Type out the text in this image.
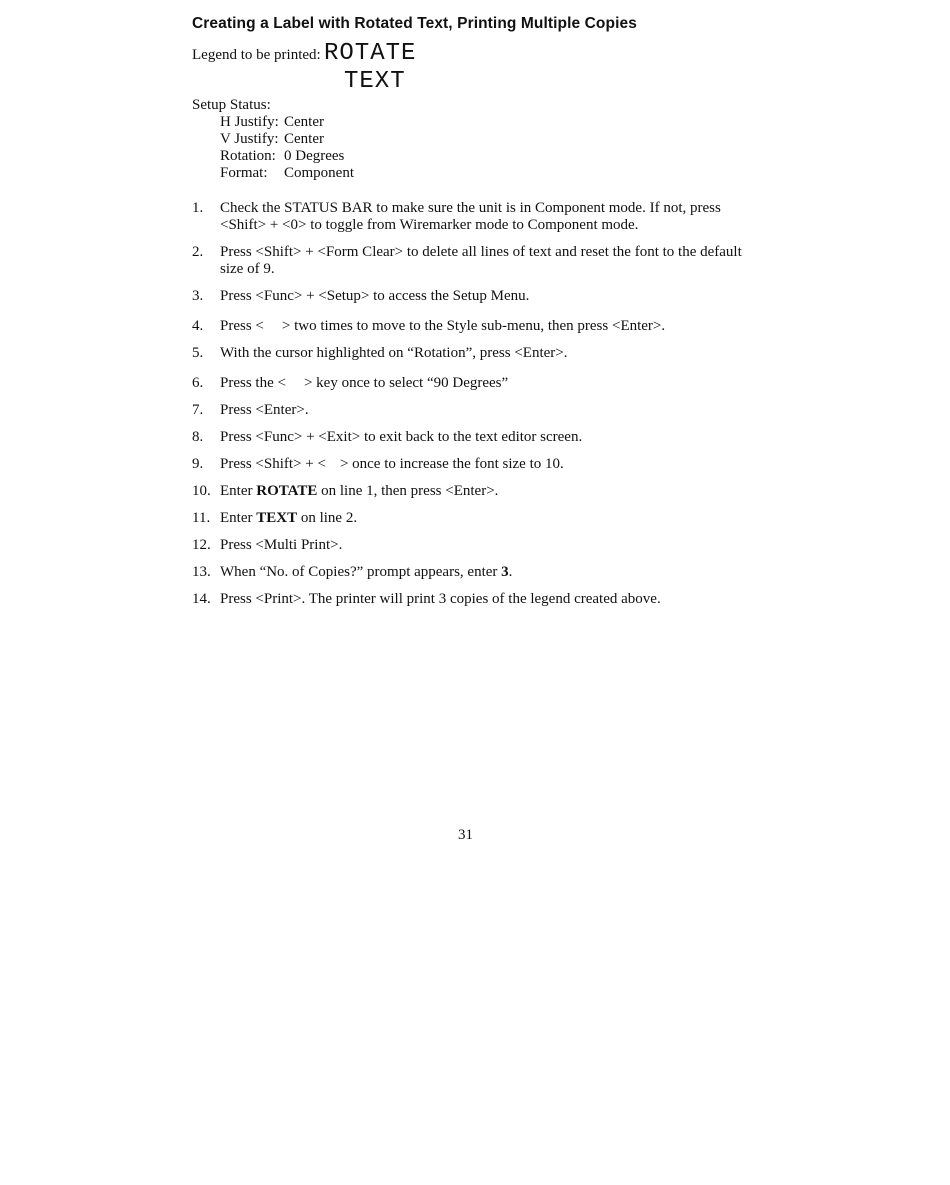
Creating a Label with Rotated Text, Printing Multiple Copies
Legend to be printed: ROTATE
TEXT
Setup Status:
H Justify: Center
V Justify: Center
Rotation: 0 Degrees
Format: Component
1. Check the STATUS BAR to make sure the unit is in Component mode. If not, press
<Shift> + <0> to toggle from Wiremarker mode to Component mode.
2. Press <Shift> + <Form Clear> to delete all lines of text and reset the font to the default
size of 9.
3. Press <Func> + <Setup> to access the Setup Menu.
4. Press < > two times to move to the Style sub-menu, then press <Enter>.
5. With the cursor highlighted on “Rotation”, press <Enter>.
6. Press the < > key once to select “90 Degrees”
7. Press <Enter>.
8. Press <Func> + <Exit> to exit back to the text editor screen.
9. Press <Shift> + < > once to increase the font size to 10.
10. Enter ROTATE on line 1, then press <Enter>.
11. Enter TEXT on line 2.
12. Press <Multi Print>.
13. When “No. of Copies?” prompt appears, enter 3.
14. Press <Print>. The printer will print 3 copies of the legend created above.
31
